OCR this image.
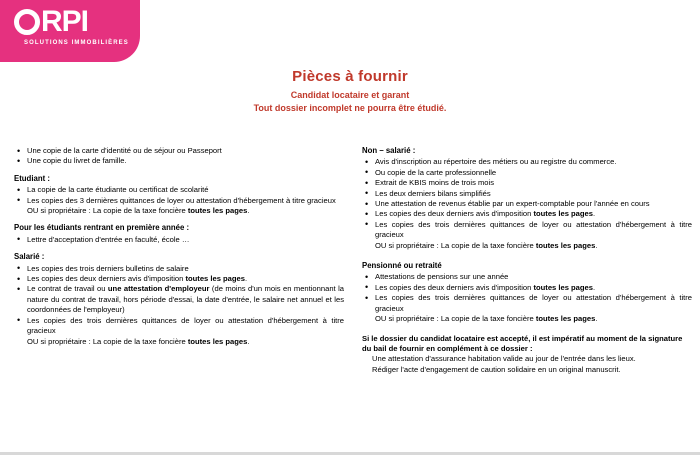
RPI
SOLUTIONS IMMOBILIÈRES
Pièces à fournir
Candidat locataire et garant
Tout dossier incomplet ne pourra être étudié.
• Une copie de la carte d'identité ou de séjour ou Passeport
• Une copie du livret de famille.
Etudiant :
• La copie de la carte étudiante ou certificat de scolarité
• Les copies des 3 dernières quittances de loyer ou attestation d'hébergement à titre gracieux
OU si propriétaire : La copie de la taxe foncière toutes les pages.
Pour les étudiants rentrant en première année :
• Lettre d'acceptation d'entrée en faculté, école …
Salarié :
• Les copies des trois derniers bulletins de salaire
• Les copies des deux derniers avis d'imposition toutes les pages.
• Le contrat de travail ou une attestation d'employeur (de moins d'un mois en mentionnant la nature du contrat de travail, hors période d'essai, la date d'entrée, le salaire net annuel et les coordonnées de l'employeur)
• Les copies des trois dernières quittances de loyer ou attestation d'hébergement à titre gracieux
OU si propriétaire : La copie de la taxe foncière toutes les pages.
Non – salarié :
• Avis d'inscription au répertoire des métiers ou au registre du commerce.
• Ou copie de la carte professionnelle
• Extrait de KBIS moins de trois mois
• Les deux derniers bilans simplifiés
• Une attestation de revenus établie par un expert-comptable pour l'année en cours
• Les copies des deux derniers avis d'imposition toutes les pages.
• Les copies des trois dernières quittances de loyer ou attestation d'hébergement à titre gracieux
OU si propriétaire : La copie de la taxe foncière toutes les pages.
Pensionné ou retraité
• Attestations de pensions sur une année
• Les copies des deux derniers avis d'imposition toutes les pages.
• Les copies des trois dernières quittances de loyer ou attestation d'hébergement à titre gracieux
OU si propriétaire : La copie de la taxe foncière toutes les pages.
Si le dossier du candidat locataire est accepté, il est impératif au moment de la signature du bail de fournir en complément à ce dossier :
Une attestation d'assurance habitation valide au jour de l'entrée dans les lieux.
Rédiger l'acte d'engagement de caution solidaire en un original manuscrit.
